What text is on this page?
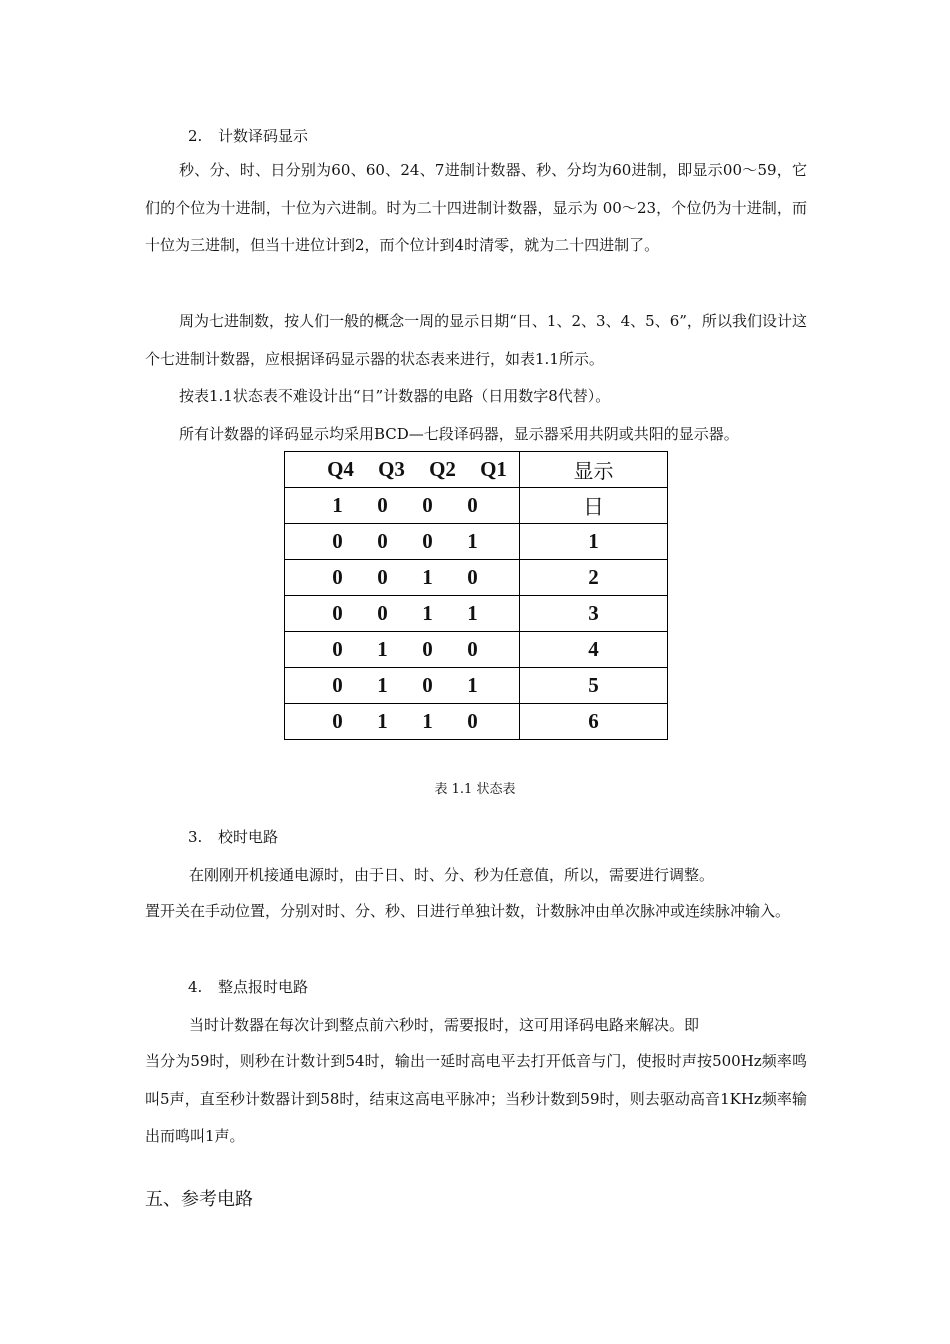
2. 计数译码显示

秒、分、时、日分别为60、60、24、7进制计数器、秒、分均为60进制，即显示00～59，它们的个位为十进制，十位为六进制。时为二十四进制计数器，显示为 00～23，个位仍为十进制，而十位为三进制，但当十进位计到2，而个位计到4时清零，就为二十四进制了。

周为七进制数，按人们一般的概念一周的显示日期“日、1、2、3、4、5、6”，所以我们设计这个七进制计数器，应根据译码显示器的状态表来进行，如表1.1所示。

按表1.1状态表不难设计出“日”计数器的电路（日用数字8代替）。

所有计数器的译码显示均采用BCD—七段译码器，显示器采用共阴或共阳的显示器。

Q4 Q3 Q2 Q1	显示

1 0 0 0	日

0 0 0 1	1

0 0 1 0	2

0 0 1 1	3

0 1 0 0	4

0 1 0 1	5

0 1 1 0	6

表 1.1 状态表

3. 校时电路

在刚刚开机接通电源时，由于日、时、分、秒为任意值，所以，需要进行调整。

置开关在手动位置，分别对时、分、秒、日进行单独计数，计数脉冲由单次脉冲或连续脉冲输入。

4. 整点报时电路

当时计数器在每次计到整点前六秒时，需要报时，这可用译码电路来解决。即

当分为59时，则秒在计数计到54时，输出一延时高电平去打开低音与门，使报时声按500Hz频率鸣叫5声，直至秒计数器计到58时，结束这高电平脉冲；当秒计数到59时，则去驱动高音1KHz频率输出而鸣叫1声。

五、参考电路
